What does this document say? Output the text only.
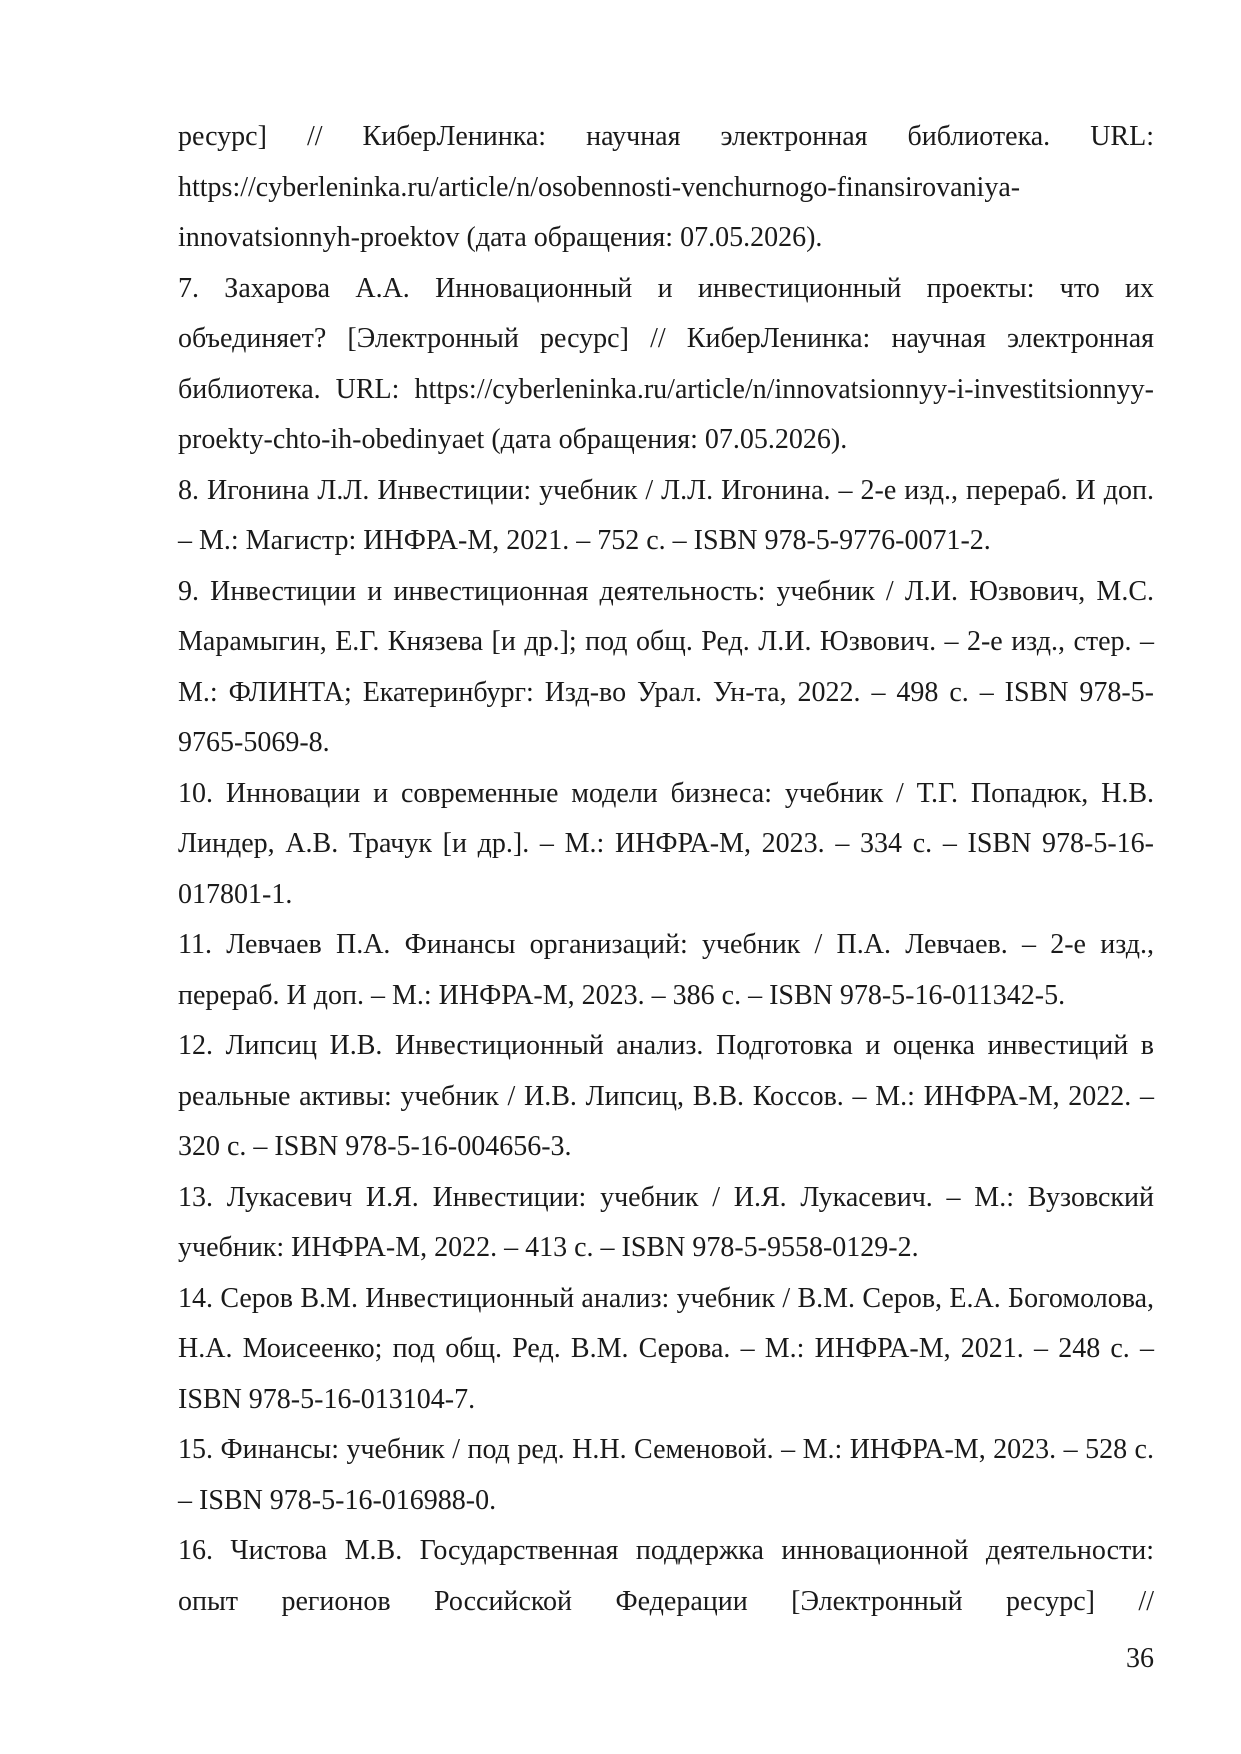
ресурс] // КиберЛенинка: научная электронная библиотека. URL: https://cyberleninka.ru/article/n/osobennosti-venchurnogo-finansirovaniya-innovatsionnyh-proektov (дата обращения: 07.05.2026).

7. Захарова А.А. Инновационный и инвестиционный проекты: что их объединяет? [Электронный ресурс] // КиберЛенинка: научная электронная библиотека. URL: https://cyberleninka.ru/article/n/innovatsionnyy-i-investitsionnyy-proekty-chto-ih-obedinyaet (дата обращения: 07.05.2026).

8. Игонина Л.Л. Инвестиции: учебник / Л.Л. Игонина. – 2-е изд., перераб. И доп. – М.: Магистр: ИНФРА-М, 2021. – 752 с. – ISBN 978-5-9776-0071-2.

9. Инвестиции и инвестиционная деятельность: учебник / Л.И. Юзвович, М.С. Марамыгин, Е.Г. Князева [и др.]; под общ. Ред. Л.И. Юзвович. – 2-е изд., стер. – М.: ФЛИНТА; Екатеринбург: Изд-во Урал. Ун-та, 2022. – 498 с. – ISBN 978-5-9765-5069-8.

10. Инновации и современные модели бизнеса: учебник / Т.Г. Попадюк, Н.В. Линдер, А.В. Трачук [и др.]. – М.: ИНФРА-М, 2023. – 334 с. – ISBN 978-5-16-017801-1.

11. Левчаев П.А. Финансы организаций: учебник / П.А. Левчаев. – 2-е изд., перераб. И доп. – М.: ИНФРА-М, 2023. – 386 с. – ISBN 978-5-16-011342-5.

12. Липсиц И.В. Инвестиционный анализ. Подготовка и оценка инвестиций в реальные активы: учебник / И.В. Липсиц, В.В. Коссов. – М.: ИНФРА-М, 2022. – 320 с. – ISBN 978-5-16-004656-3.

13. Лукасевич И.Я. Инвестиции: учебник / И.Я. Лукасевич. – М.: Вузовский учебник: ИНФРА-М, 2022. – 413 с. – ISBN 978-5-9558-0129-2.

14. Серов В.М. Инвестиционный анализ: учебник / В.М. Серов, Е.А. Богомолова, Н.А. Моисеенко; под общ. Ред. В.М. Серова. – М.: ИНФРА-М, 2021. – 248 с. – ISBN 978-5-16-013104-7.

15. Финансы: учебник / под ред. Н.Н. Семеновой. – М.: ИНФРА-М, 2023. – 528 с. – ISBN 978-5-16-016988-0.

16. Чистова М.В. Государственная поддержка инновационной деятельности: опыт регионов Российской Федерации [Электронный ресурс] //

36
